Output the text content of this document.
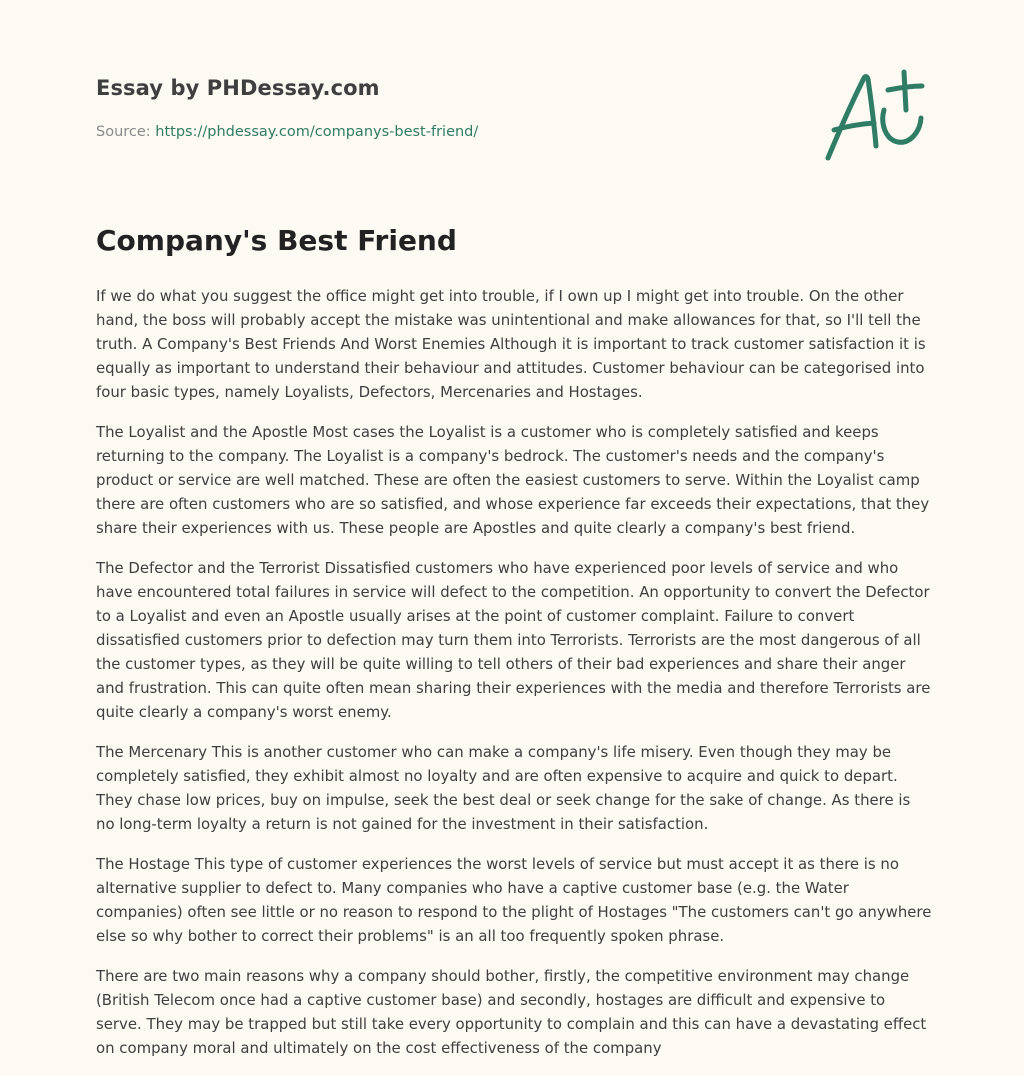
Essay by PHDessay.com
Source: https://phdessay.com/companys-best-friend/
Company's Best Friend

If we do what you suggest the office might get into trouble, if I own up I might get into trouble. On the other hand, the boss will probably accept the mistake was unintentional and make allowances for that, so I'll tell the truth. A Company's Best Friends And Worst Enemies Although it is important to track customer satisfaction it is equally as important to understand their behaviour and attitudes. Customer behaviour can be categorised into four basic types, namely Loyalists, Defectors, Mercenaries and Hostages.

The Loyalist and the Apostle Most cases the Loyalist is a customer who is completely satisfied and keeps returning to the company. The Loyalist is a company's bedrock. The customer's needs and the company's product or service are well matched. These are often the easiest customers to serve. Within the Loyalist camp there are often customers who are so satisfied, and whose experience far exceeds their expectations, that they share their experiences with us. These people are Apostles and quite clearly a company's best friend.

The Defector and the Terrorist Dissatisfied customers who have experienced poor levels of service and who have encountered total failures in service will defect to the competition. An opportunity to convert the Defector to a Loyalist and even an Apostle usually arises at the point of customer complaint. Failure to convert dissatisfied customers prior to defection may turn them into Terrorists. Terrorists are the most dangerous of all the customer types, as they will be quite willing to tell others of their bad experiences and share their anger and frustration. This can quite often mean sharing their experiences with the media and therefore Terrorists are quite clearly a company's worst enemy.

The Mercenary This is another customer who can make a company's life misery. Even though they may be completely satisfied, they exhibit almost no loyalty and are often expensive to acquire and quick to depart. They chase low prices, buy on impulse, seek the best deal or seek change for the sake of change. As there is no long-term loyalty a return is not gained for the investment in their satisfaction.

The Hostage This type of customer experiences the worst levels of service but must accept it as there is no alternative supplier to defect to. Many companies who have a captive customer base (e.g. the Water companies) often see little or no reason to respond to the plight of Hostages "The customers can't go anywhere else so why bother to correct their problems" is an all too frequently spoken phrase.

There are two main reasons why a company should bother, firstly, the competitive environment may change (British Telecom once had a captive customer base) and secondly, hostages are difficult and expensive to serve. They may be trapped but still take every opportunity to complain and this can have a devastating effect on company moral and ultimately on the cost effectiveness of the company
